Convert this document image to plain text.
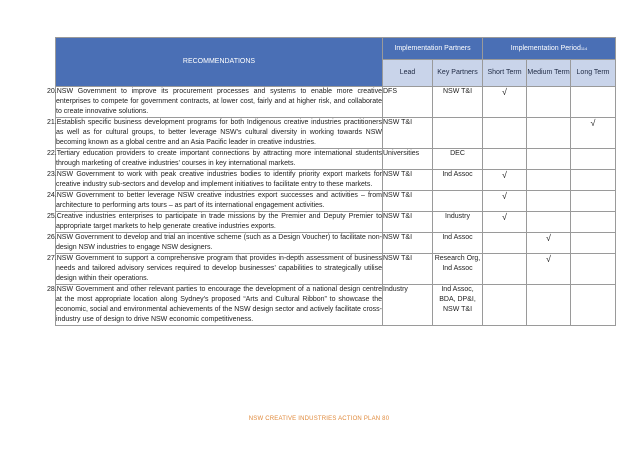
RECOMMENDATIONS	Implementation Partners		Implementation Period$^{114}$
	Lead	Key Partners	Short Term	Medium Term	Long Term
20.NSW Government to improve its procurement processes and systems to enable more creative enterprises to compete for government contracts, at lower cost, fairly and at higher risk, and collaborate to create innovative solutions.	DFS	NSW T&I	√		
21.Establish specific business development programs for both Indigenous creative industries practitioners as well as for cultural groups, to better leverage NSW’s cultural diversity in working towards NSW becoming known as a global centre and an Asia Pacific leader in creative industries.	NSW T&I				√
22.Tertiary education providers to create important connections by attracting more international students through marketing of creative industries’ courses in key international markets.	Universities	DEC			
23.NSW Government to work with peak creative industries bodies to identify priority export markets for creative industry sub-sectors and develop and implement initiatives to facilitate entry to these markets.	NSW T&I	Ind Assoc	√		
24.NSW Government to better leverage NSW creative industries export successes and activities – from architecture to performing arts tours – as part of its international engagement activities.	NSW T&I		√		
25.Creative industries enterprises to participate in trade missions by the Premier and Deputy Premier to appropriate target markets to help generate creative industries exports.	NSW T&I	Industry	√		
26.NSW Government to develop and trial an incentive scheme (such as a Design Voucher) to facilitate non-design NSW industries to engage NSW designers.	NSW T&I	Ind Assoc		√	
27.NSW Government to support a comprehensive program that provides in-depth assessment of business needs and tailored advisory services required to develop businesses’ capabilities to strategically utilise design within their operations.	NSW T&I	Research Org, Ind Assoc		√	
28.NSW Government and other relevant parties to encourage the development of a national design centre at the most appropriate location along Sydney’s proposed “Arts and Cultural Ribbon” to showcase the economic, social and environmental achievements of the NSW design sector and actively facilitate cross-industry use of design to drive NSW economic competitiveness.	Industry	Ind Assoc, BDA, DP&I, NSW T&I			
NSW CREATIVE INDUSTRIES ACTION PLAN 80
